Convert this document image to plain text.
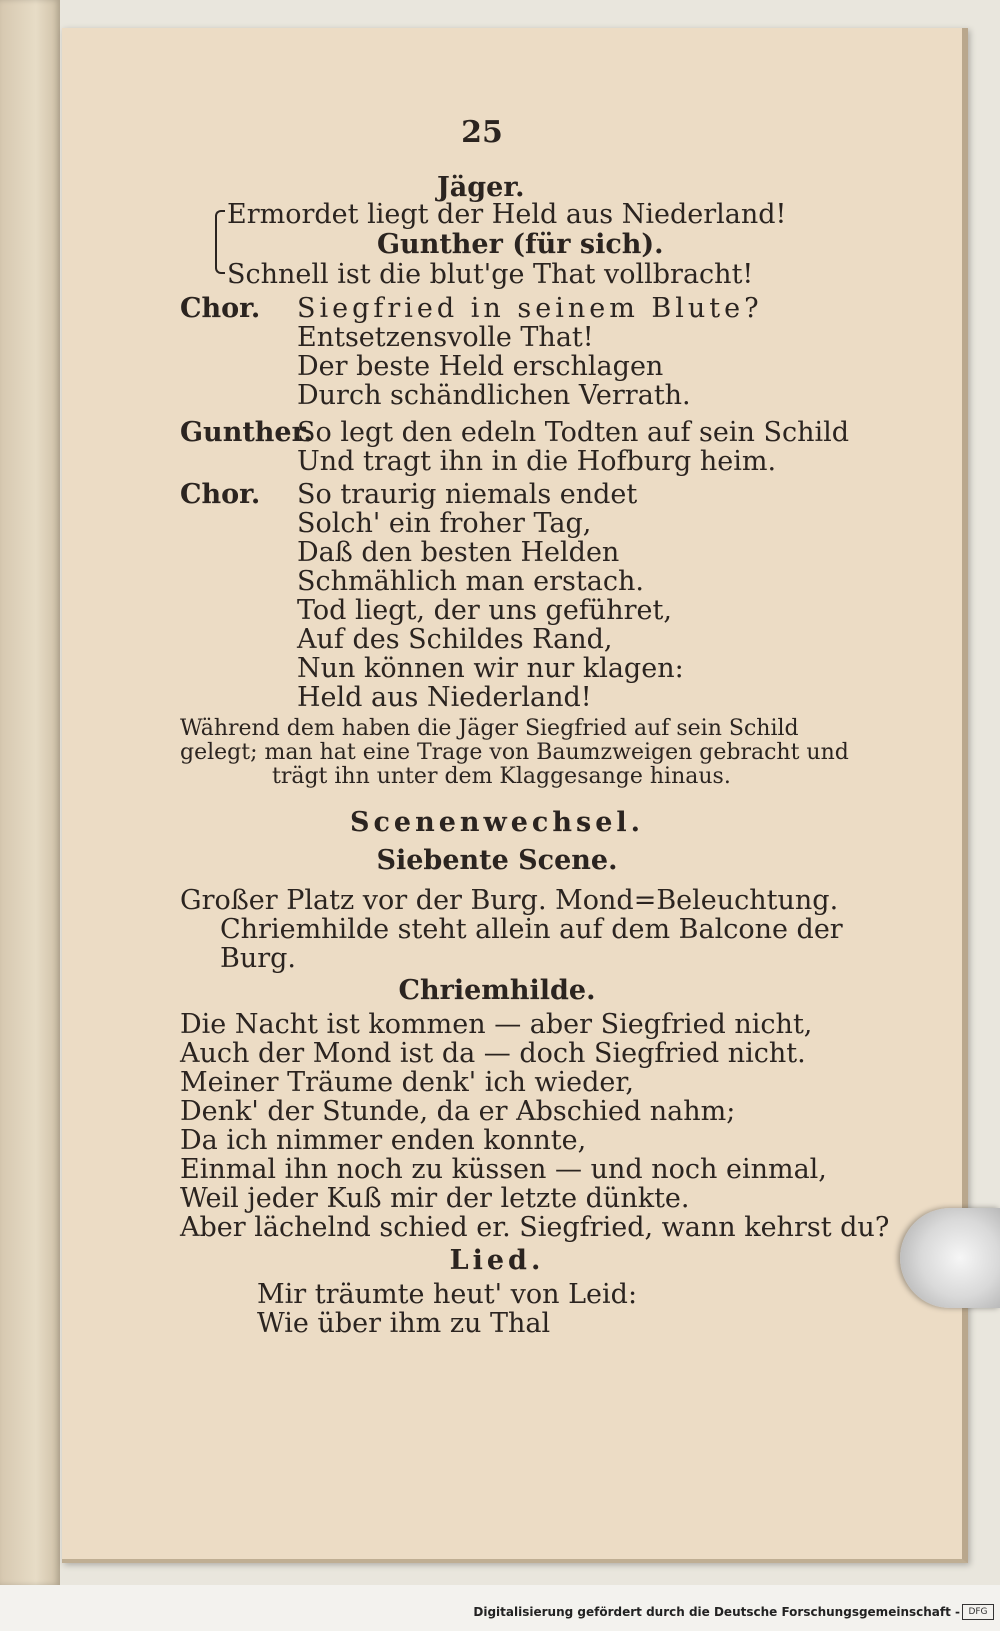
25
Jäger.
Ermordet liegt der Held aus Niederland!
Gunther (für sich).
Schnell ist die blut'ge That vollbracht!
Chor. Siegfried in seinem Blute?
Entsetzensvolle That!
Der beste Held erschlagen
Durch schändlichen Verrath.
Gunther.
So legt den edeln Todten auf sein Schild
Und tragt ihn in die Hofburg heim.
Chor. So traurig niemals endet
Solch' ein froher Tag,
Daß den besten Helden
Schmählich man erstach.
Tod liegt, der uns geführet,
Auf des Schildes Rand,
Nun können wir nur klagen:
Held aus Niederland!
Während dem haben die Jäger Siegfried auf sein Schild
gelegt; man hat eine Trage von Baumzweigen gebracht und
trägt ihn unter dem Klaggesange hinaus.
Scenenwechsel.
Siebente Scene.
Großer Platz vor der Burg. Mond=Beleuchtung.
Chriemhilde steht allein auf dem Balcone der
Burg.
Chriemhilde.
Die Nacht ist kommen — aber Siegfried nicht,
Auch der Mond ist da — doch Siegfried nicht.
Meiner Träume denk' ich wieder,
Denk' der Stunde, da er Abschied nahm;
Da ich nimmer enden konnte,
Einmal ihn noch zu küssen — und noch einmal,
Weil jeder Kuß mir der letzte dünkte.
Aber lächelnd schied er. Siegfried, wann kehrst du?
Lied.
Mir träumte heut' von Leid:
Wie über ihm zu Thal
Digitalisierung gefördert durch die Deutsche Forschungsgemeinschaft - DFG
